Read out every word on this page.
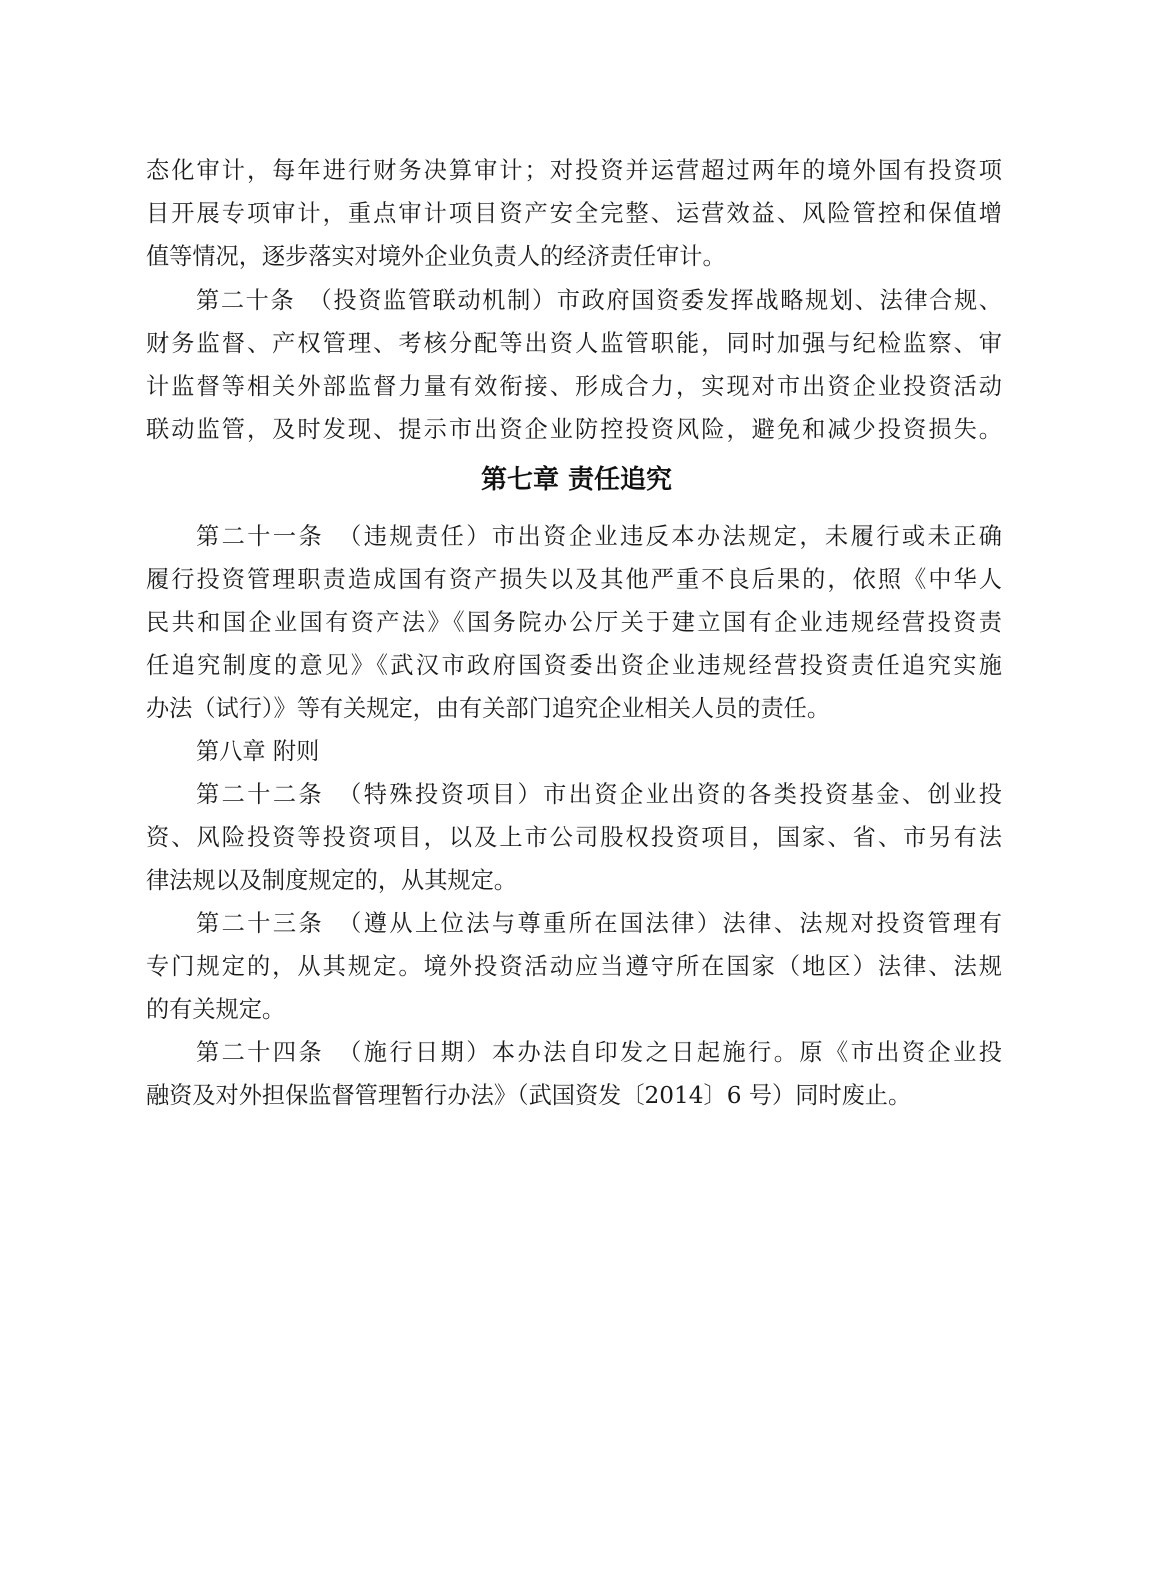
态化审计，每年进行财务决算审计；对投资并运营超过两年的境外国有投资项
目开展专项审计，重点审计项目资产安全完整、运营效益、风险管控和保值增
值等情况，逐步落实对境外企业负责人的经济责任审计。
第二十条　（投资监管联动机制）市政府国资委发挥战略规划、法律合规、
财务监督、产权管理、考核分配等出资人监管职能，同时加强与纪检监察、审
计监督等相关外部监督力量有效衔接、形成合力，实现对市出资企业投资活动
联动监管，及时发现、提示市出资企业防控投资风险，避免和减少投资损失。
第七章 责任追究
第二十一条　（违规责任）市出资企业违反本办法规定，未履行或未正确
履行投资管理职责造成国有资产损失以及其他严重不良后果的，依照《中华人
民共和国企业国有资产法》《国务院办公厅关于建立国有企业违规经营投资责
任追究制度的意见》《武汉市政府国资委出资企业违规经营投资责任追究实施
办法（试行）》等有关规定，由有关部门追究企业相关人员的责任。
第八章 附则
第二十二条　（特殊投资项目）市出资企业出资的各类投资基金、创业投
资、风险投资等投资项目，以及上市公司股权投资项目，国家、省、市另有法
律法规以及制度规定的，从其规定。
第二十三条　（遵从上位法与尊重所在国法律）法律、法规对投资管理有
专门规定的，从其规定。境外投资活动应当遵守所在国家（地区）法律、法规
的有关规定。
第二十四条　（施行日期）本办法自印发之日起施行。原《市出资企业投
融资及对外担保监督管理暂行办法》（武国资发〔2014〕6 号）同时废止。
